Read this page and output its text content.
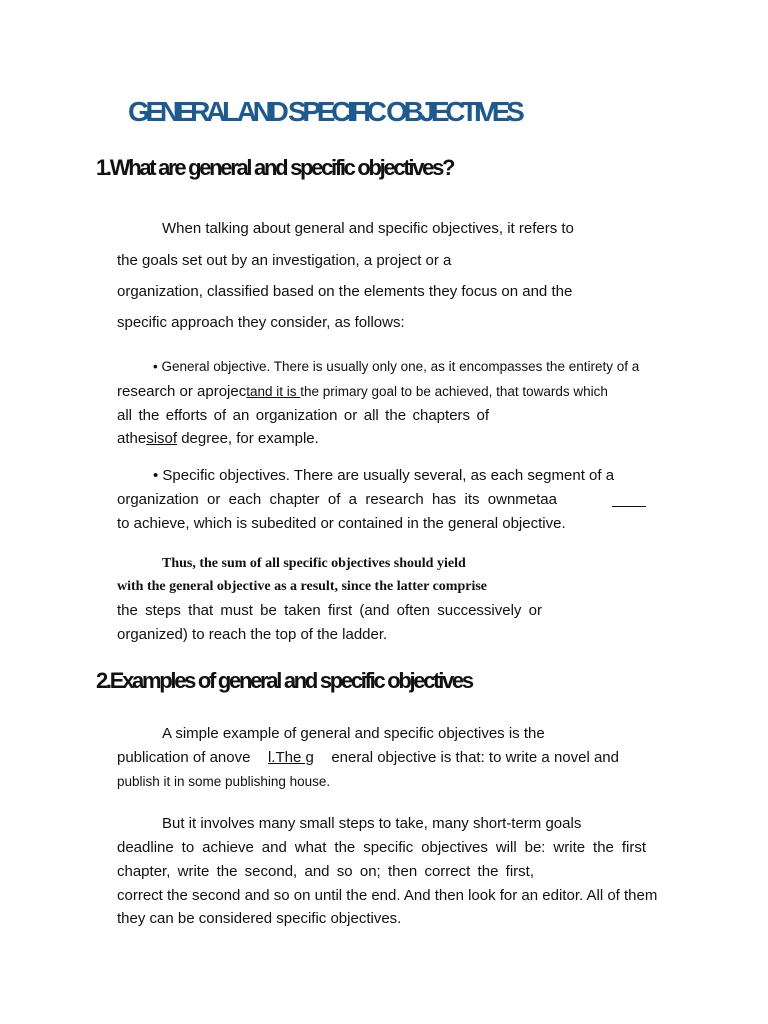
GENERAL AND SPECIFIC OBJECTIVES
1.What are general and specific objectives?
When talking about general and specific objectives, it refers to
the goals set out by an investigation, a project or a
organization, classified based on the elements they focus on and the
specific approach they consider, as follows:
• General objective. There is usually only one, as it encompasses the entirety of a
research or aprojectand it is the primary goal to be achieved, that towards which
all the efforts of an organization or all the chapters of
athesisof degree, for example.
• Specific objectives. There are usually several, as each segment of a
organization or each chapter of a research has its ownmetaa
to achieve, which is subedited or contained in the general objective.
Thus, the sum of all specific objectives should yield
with the general objective as a result, since the latter comprise
the steps that must be taken first (and often successively or
organized) to reach the top of the ladder.
2.Examples of general and specific objectives
A simple example of general and specific objectives is the
publication of anove l.The g eneral objective is that: to write a novel and
publish it in some publishing house.
But it involves many small steps to take, many short-term goals
deadline to achieve and what the specific objectives will be: write the first
chapter, write the second, and so on; then correct the first,
correct the second and so on until the end. And then look for an editor. All of them
they can be considered specific objectives.
